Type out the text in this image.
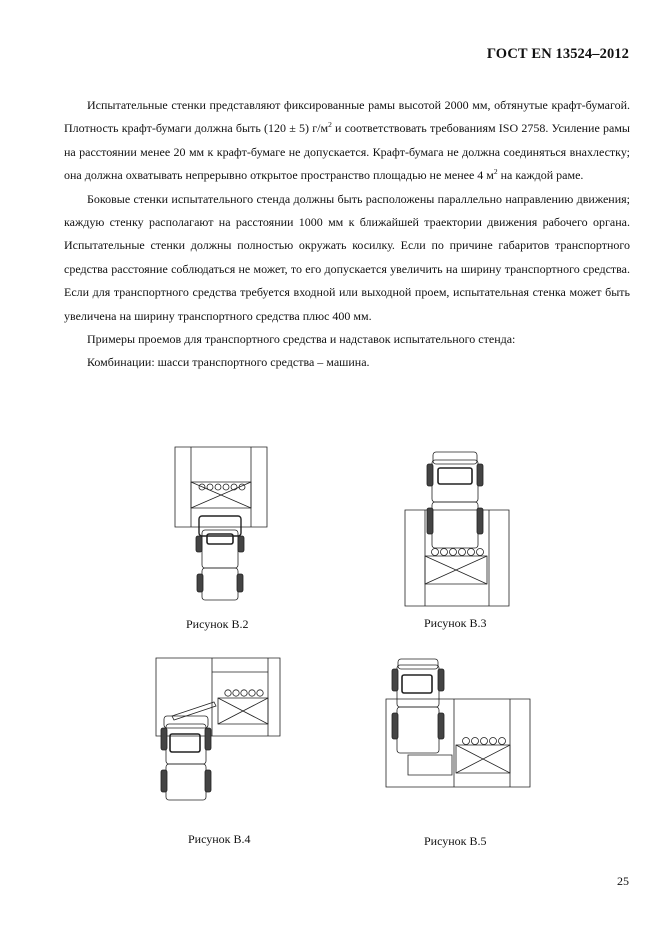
ГОСТ EN 13524–2012

Испытательные стенки представляют фиксированные рамы высотой 2000 мм, обтянутые крафт-бумагой. Плотность крафт-бумаги должна быть (120 ± 5) $г/м^2$ и соответствовать требованиям ISO 2758. Усиление рамы на расстоянии менее 20 мм к крафт-бумаге не допускается. Крафт-бумага не должна соединяться внахлестку; она должна охватывать непрерывно открытое пространство площадью не менее 4 $м^2$ на каждой раме.

Боковые стенки испытательного стенда должны быть расположены параллельно направлению движения; каждую стенку располагают на расстоянии 1000 мм к ближайшей траектории движения рабочего органа. Испытательные стенки должны полностью окружать косилку. Если по причине габаритов транспортного средства расстояние соблюдаться не может, то его допускается увеличить на ширину транспортного средства. Если для транспортного средства требуется входной или выходной проем, испытательная стенка может быть увеличена на ширину транспортного средства плюс 400 мм.

Примеры проемов для транспортного средства и надставок испытательного стенда:

Комбинации: шасси транспортного средства – машина.

Рисунок B.2	Рисунок B.3
Рисунок B.4	Рисунок B.5
25
